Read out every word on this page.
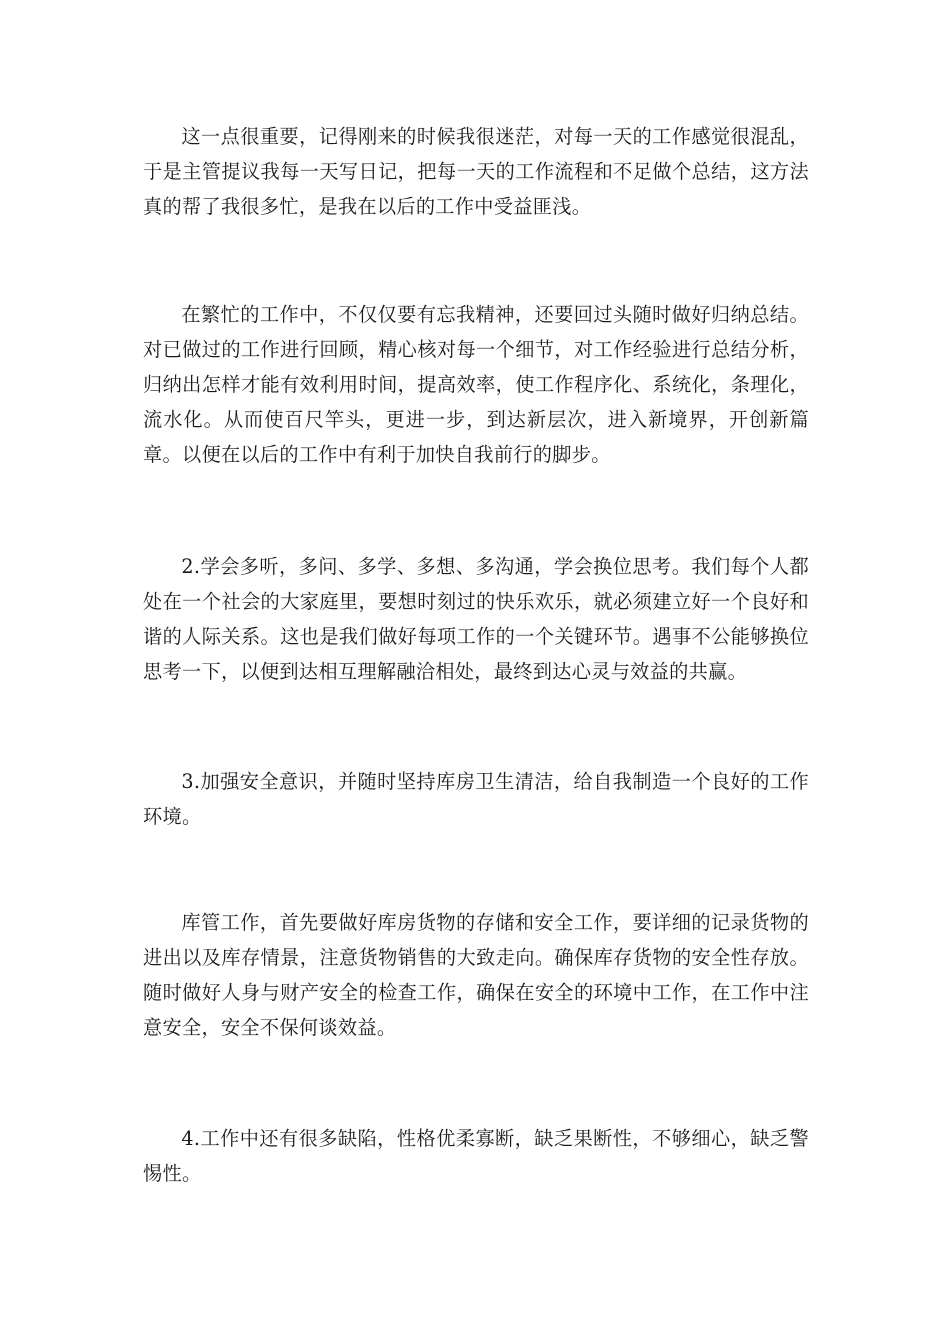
这一点很重要，记得刚来的时候我很迷茫，对每一天的工作感觉很混乱，于是主管提议我每一天写日记，把每一天的工作流程和不足做个总结，这方法真的帮了我很多忙，是我在以后的工作中受益匪浅。

在繁忙的工作中，不仅仅要有忘我精神，还要回过头随时做好归纳总结。对已做过的工作进行回顾，精心核对每一个细节，对工作经验进行总结分析，归纳出怎样才能有效利用时间，提高效率，使工作程序化、系统化，条理化，流水化。从而使百尺竿头，更进一步，到达新层次，进入新境界，开创新篇章。以便在以后的工作中有利于加快自我前行的脚步。

2.学会多听，多问、多学、多想、多沟通，学会换位思考。我们每个人都处在一个社会的大家庭里，要想时刻过的快乐欢乐，就必须建立好一个良好和谐的人际关系。这也是我们做好每项工作的一个关键环节。遇事不公能够换位思考一下，以便到达相互理解融洽相处，最终到达心灵与效益的共赢。

3.加强安全意识，并随时坚持库房卫生清洁，给自我制造一个良好的工作环境。

库管工作，首先要做好库房货物的存储和安全工作，要详细的记录货物的进出以及库存情景，注意货物销售的大致走向。确保库存货物的安全性存放。随时做好人身与财产安全的检查工作，确保在安全的环境中工作，在工作中注意安全，安全不保何谈效益。

4.工作中还有很多缺陷，性格优柔寡断，缺乏果断性，不够细心，缺乏警惕性。
